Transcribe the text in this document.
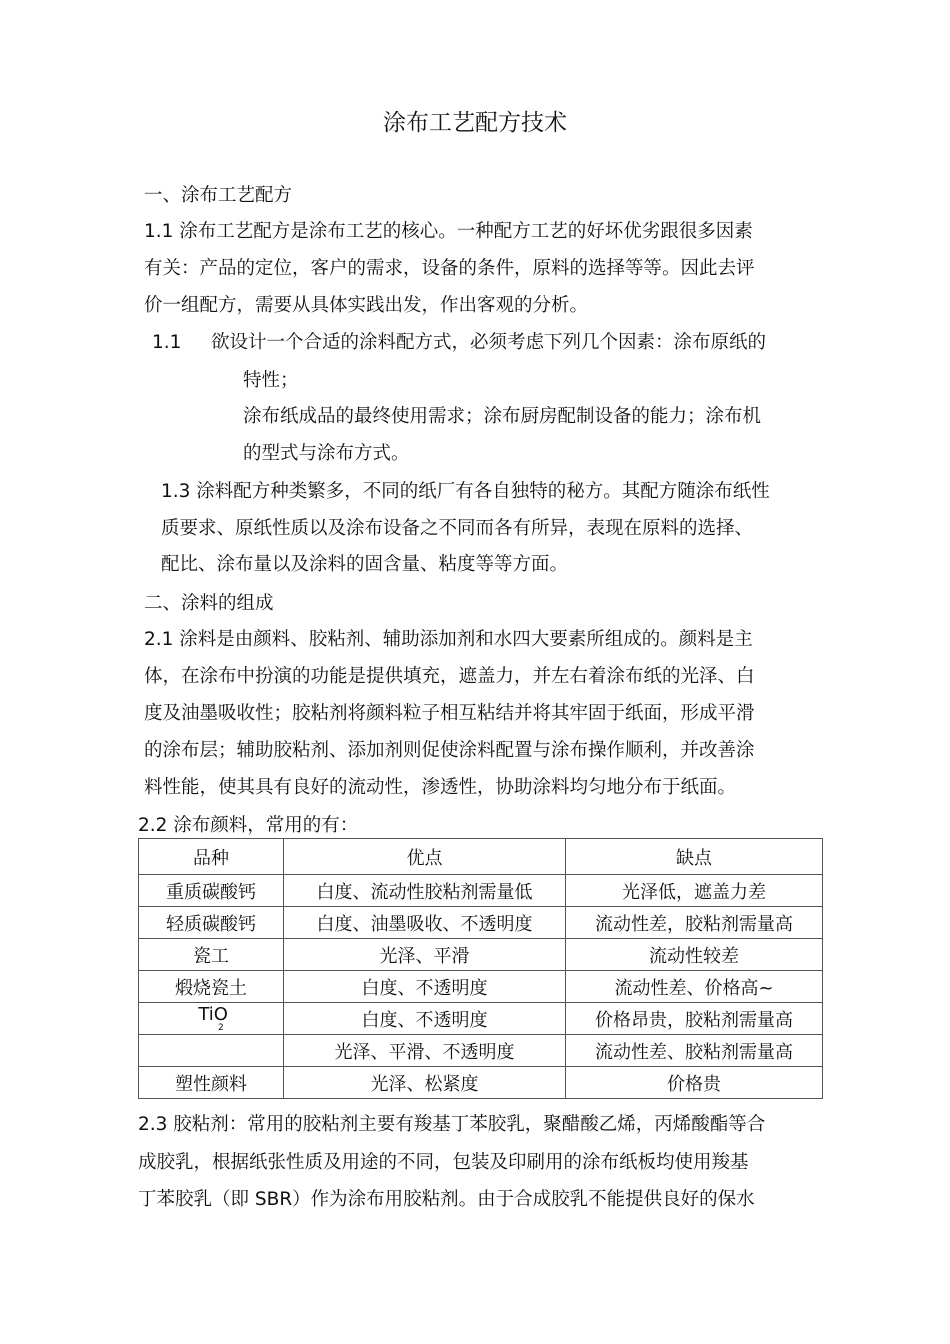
涂布工艺配方技术
一、涂布工艺配方
1.1 涂布工艺配方是涂布工艺的核心。一种配方工艺的好坏优劣跟很多因素
有关：产品的定位，客户的需求，设备的条件，原料的选择等等。因此去评
价一组配方，需要从具体实践出发，作出客观的分析。
1.1 欲设计一个合适的涂料配方式，必须考虑下列几个因素：涂布原纸的
特性；
涂布纸成品的最终使用需求；涂布厨房配制设备的能力；涂布机
的型式与涂布方式。
1.3 涂料配方种类繁多，不同的纸厂有各自独特的秘方。其配方随涂布纸性
质要求、原纸性质以及涂布设备之不同而各有所异，表现在原料的选择、
配比、涂布量以及涂料的固含量、粘度等等方面。
二、涂料的组成
2.1 涂料是由颜料、胶粘剂、辅助添加剂和水四大要素所组成的。颜料是主
体，在涂布中扮演的功能是提供填充，遮盖力，并左右着涂布纸的光泽、白
度及油墨吸收性；胶粘剂将颜料粒子相互粘结并将其牢固于纸面，形成平滑
的涂布层；辅助胶粘剂、添加剂则促使涂料配置与涂布操作顺利，并改善涂
料性能，使其具有良好的流动性，渗透性，协助涂料均匀地分布于纸面。
2.2 涂布颜料，常用的有：
品种	优点	缺点
重质碳酸钙	白度、流动性胶粘剂需量低	光泽低，遮盖力差
轻质碳酸钙	白度、油墨吸收、不透明度	流动性差，胶粘剂需量高
瓷工	光泽、平滑	流动性较差
煅烧瓷土	白度、不透明度	流动性差、价格高~
TiO$_2$	白度、不透明度	价格昂贵，胶粘剂需量高
	光泽、平滑、不透明度	流动性差、胶粘剂需量高
塑性颜料	光泽、松紧度	价格贵
2.3 胶粘剂：常用的胶粘剂主要有羧基丁苯胶乳，聚醋酸乙烯，丙烯酸酯等合
成胶乳，根据纸张性质及用途的不同，包装及印刷用的涂布纸板均使用羧基
丁苯胶乳（即 SBR）作为涂布用胶粘剂。由于合成胶乳不能提供良好的保水
